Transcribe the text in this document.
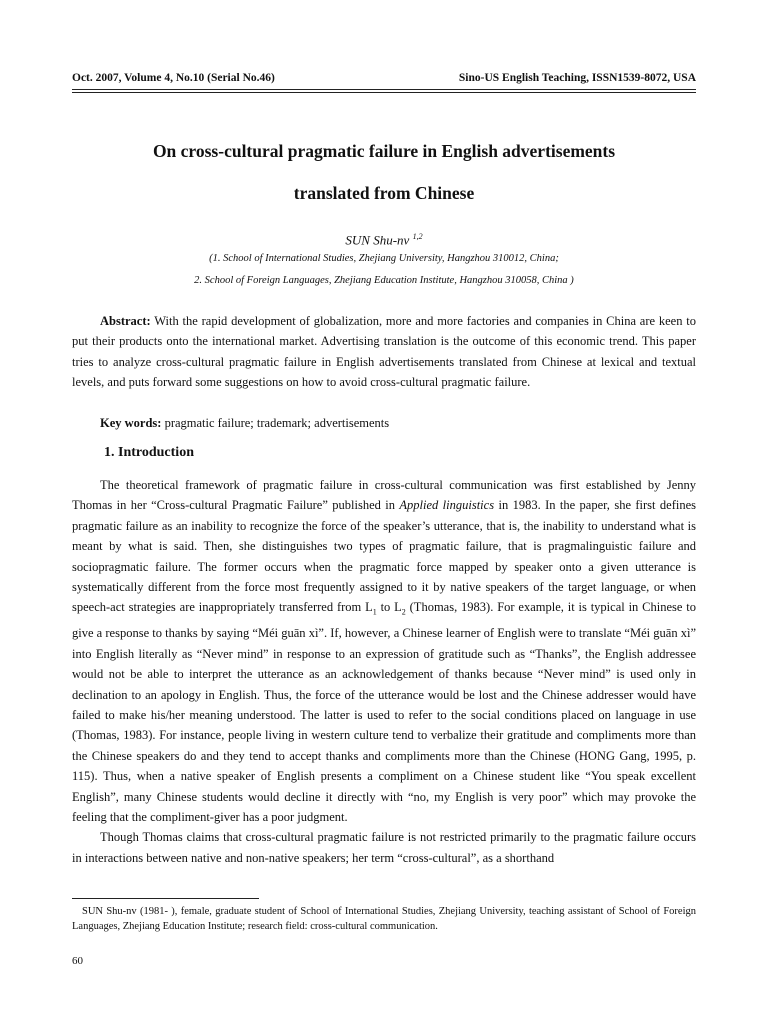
Oct. 2007, Volume 4, No.10 (Serial No.46)	Sino-US English Teaching, ISSN1539-8072, USA
On cross-cultural pragmatic failure in English advertisements
translated from Chinese
SUN Shu-nv $^{1,2}$
(1. School of International Studies, Zhejiang University, Hangzhou 310012, China;
2. School of Foreign Languages, Zhejiang Education Institute, Hangzhou 310058, China )

Abstract: With the rapid development of globalization, more and more factories and companies in China are keen to put their products onto the international market. Advertising translation is the outcome of this economic trend. This paper tries to analyze cross-cultural pragmatic failure in English advertisements translated from Chinese at lexical and textual levels, and puts forward some suggestions on how to avoid cross-cultural pragmatic failure.

Key words: pragmatic failure; trademark; advertisements

1. Introduction

The theoretical framework of pragmatic failure in cross-cultural communication was first established by Jenny Thomas in her “Cross-cultural Pragmatic Failure” published in Applied linguistics in 1983. In the paper, she first defines pragmatic failure as an inability to recognize the force of the speaker’s utterance, that is, the inability to understand what is meant by what is said. Then, she distinguishes two types of pragmatic failure, that is pragmalinguistic failure and sociopragmatic failure. The former occurs when the pragmatic force mapped by speaker onto a given utterance is systematically different from the force most frequently assigned to it by native speakers of the target language, or when speech-act strategies are inappropriately transferred from $L_1$ to $L_2$ (Thomas, 1983). For example, it is typical in Chinese to give a response to thanks by saying “Méi guān xì”. If, however, a Chinese learner of English were to translate “Méi guān xì” into English literally as “Never mind” in response to an expression of gratitude such as “Thanks”, the English addressee would not be able to interpret the utterance as an acknowledgement of thanks because “Never mind” is used only in declination to an apology in English. Thus, the force of the utterance would be lost and the Chinese addresser would have failed to make his/her meaning understood. The latter is used to refer to the social conditions placed on language in use (Thomas, 1983). For instance, people living in western culture tend to verbalize their gratitude and compliments more than the Chinese speakers do and they tend to accept thanks and compliments more than the Chinese (HONG Gang, 1995, p. 115). Thus, when a native speaker of English presents a compliment on a Chinese student like “You speak excellent English”, many Chinese students would decline it directly with “no, my English is very poor” which may provoke the feeling that the compliment-giver has a poor judgment.

Though Thomas claims that cross-cultural pragmatic failure is not restricted primarily to the pragmatic failure occurs in interactions between native and non-native speakers; her term “cross-cultural”, as a shorthand

SUN Shu-nv (1981- ), female, graduate student of School of International Studies, Zhejiang University, teaching assistant of School of Foreign Languages, Zhejiang Education Institute; research field: cross-cultural communication.
60
